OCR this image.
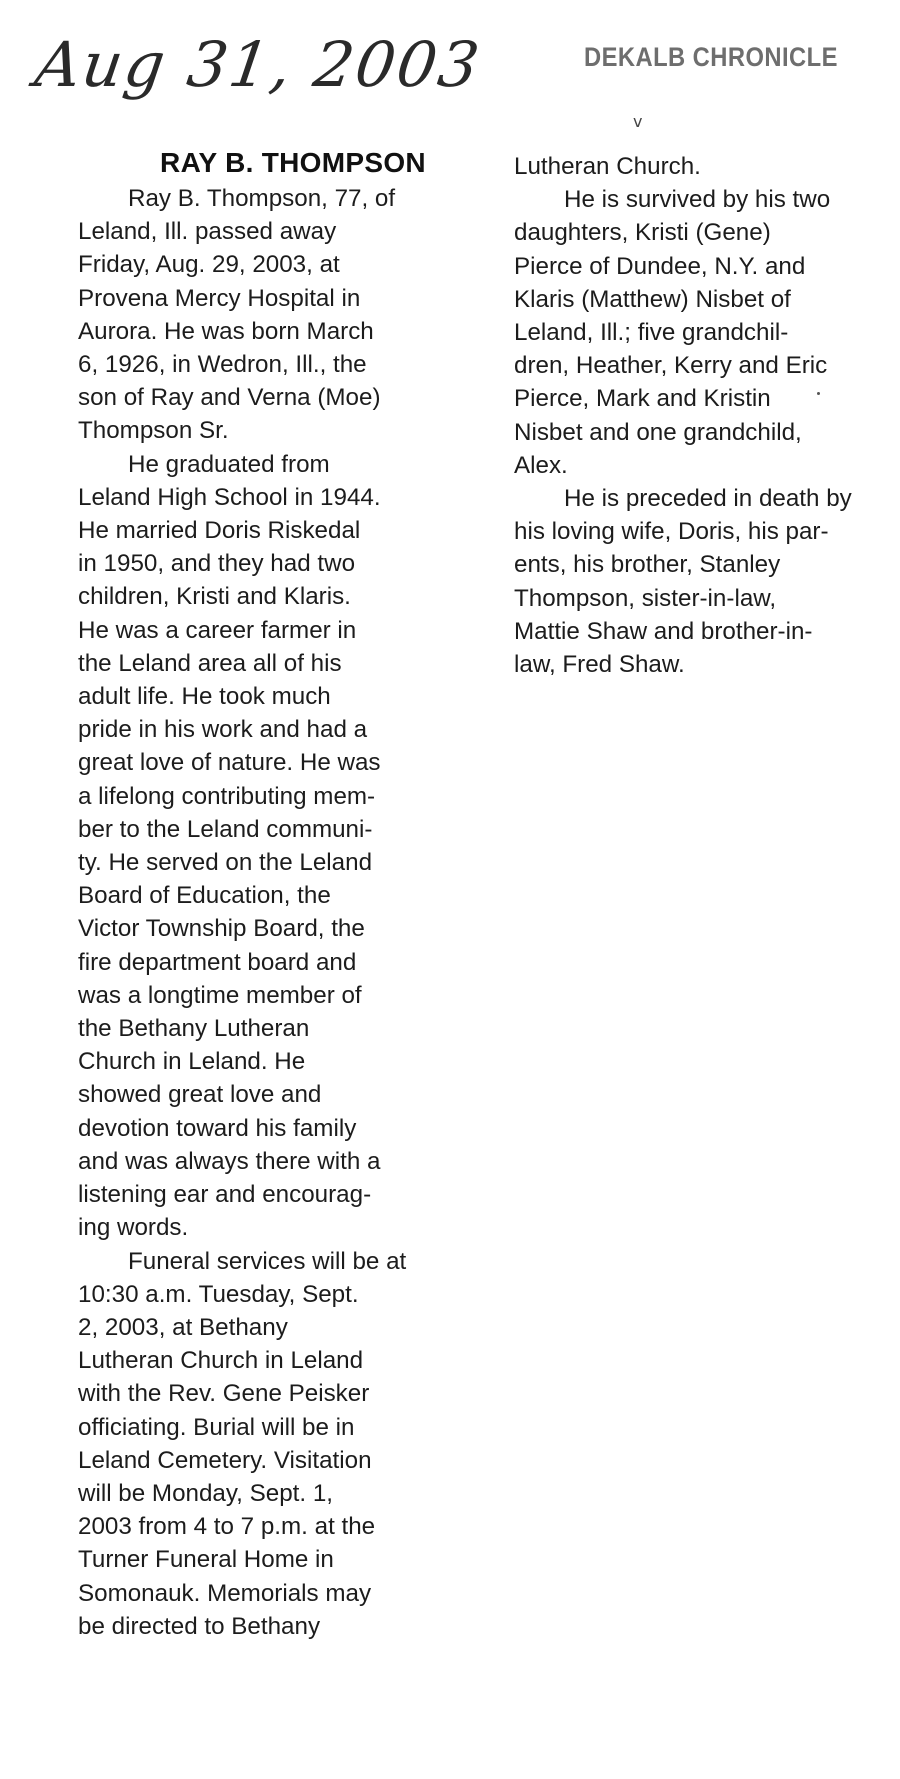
Aug 31, 2003	DEKALB CHRONICLE
ⅴ
RAY B. THOMPSON

Ray B. Thompson, 77, of
Leland, Ill. passed away
Friday, Aug. 29, 2003, at
Provena Mercy Hospital in
Aurora. He was born March
6, 1926, in Wedron, Ill., the
son of Ray and Verna (Moe)
Thompson Sr.

He graduated from
Leland High School in 1944.
He married Doris Riskedal
in 1950, and they had two
children, Kristi and Klaris.
He was a career farmer in
the Leland area all of his
adult life. He took much
pride in his work and had a
great love of nature. He was
a lifelong contributing mem-
ber to the Leland communi-
ty. He served on the Leland
Board of Education, the
Victor Township Board, the
fire department board and
was a longtime member of
the Bethany Lutheran
Church in Leland. He
showed great love and
devotion toward his family
and was always there with a
listening ear and encourag-
ing words.

Funeral services will be at
10:30 a.m. Tuesday, Sept.
2, 2003, at Bethany
Lutheran Church in Leland
with the Rev. Gene Peisker
officiating. Burial will be in
Leland Cemetery. Visitation
will be Monday, Sept. 1,
2003 from 4 to 7 p.m. at the
Turner Funeral Home in
Somonauk. Memorials may
be directed to Bethany

Lutheran Church.

He is survived by his two
daughters, Kristi (Gene)
Pierce of Dundee, N.Y. and
Klaris (Matthew) Nisbet of
Leland, Ill.; five grandchil-
dren, Heather, Kerry and Eric
Pierce, Mark and Kristin
Nisbet and one grandchild,
Alex.

He is preceded in death by
his loving wife, Doris, his par-
ents, his brother, Stanley
Thompson, sister-in-law,
Mattie Shaw and brother-in-
law, Fred Shaw.
